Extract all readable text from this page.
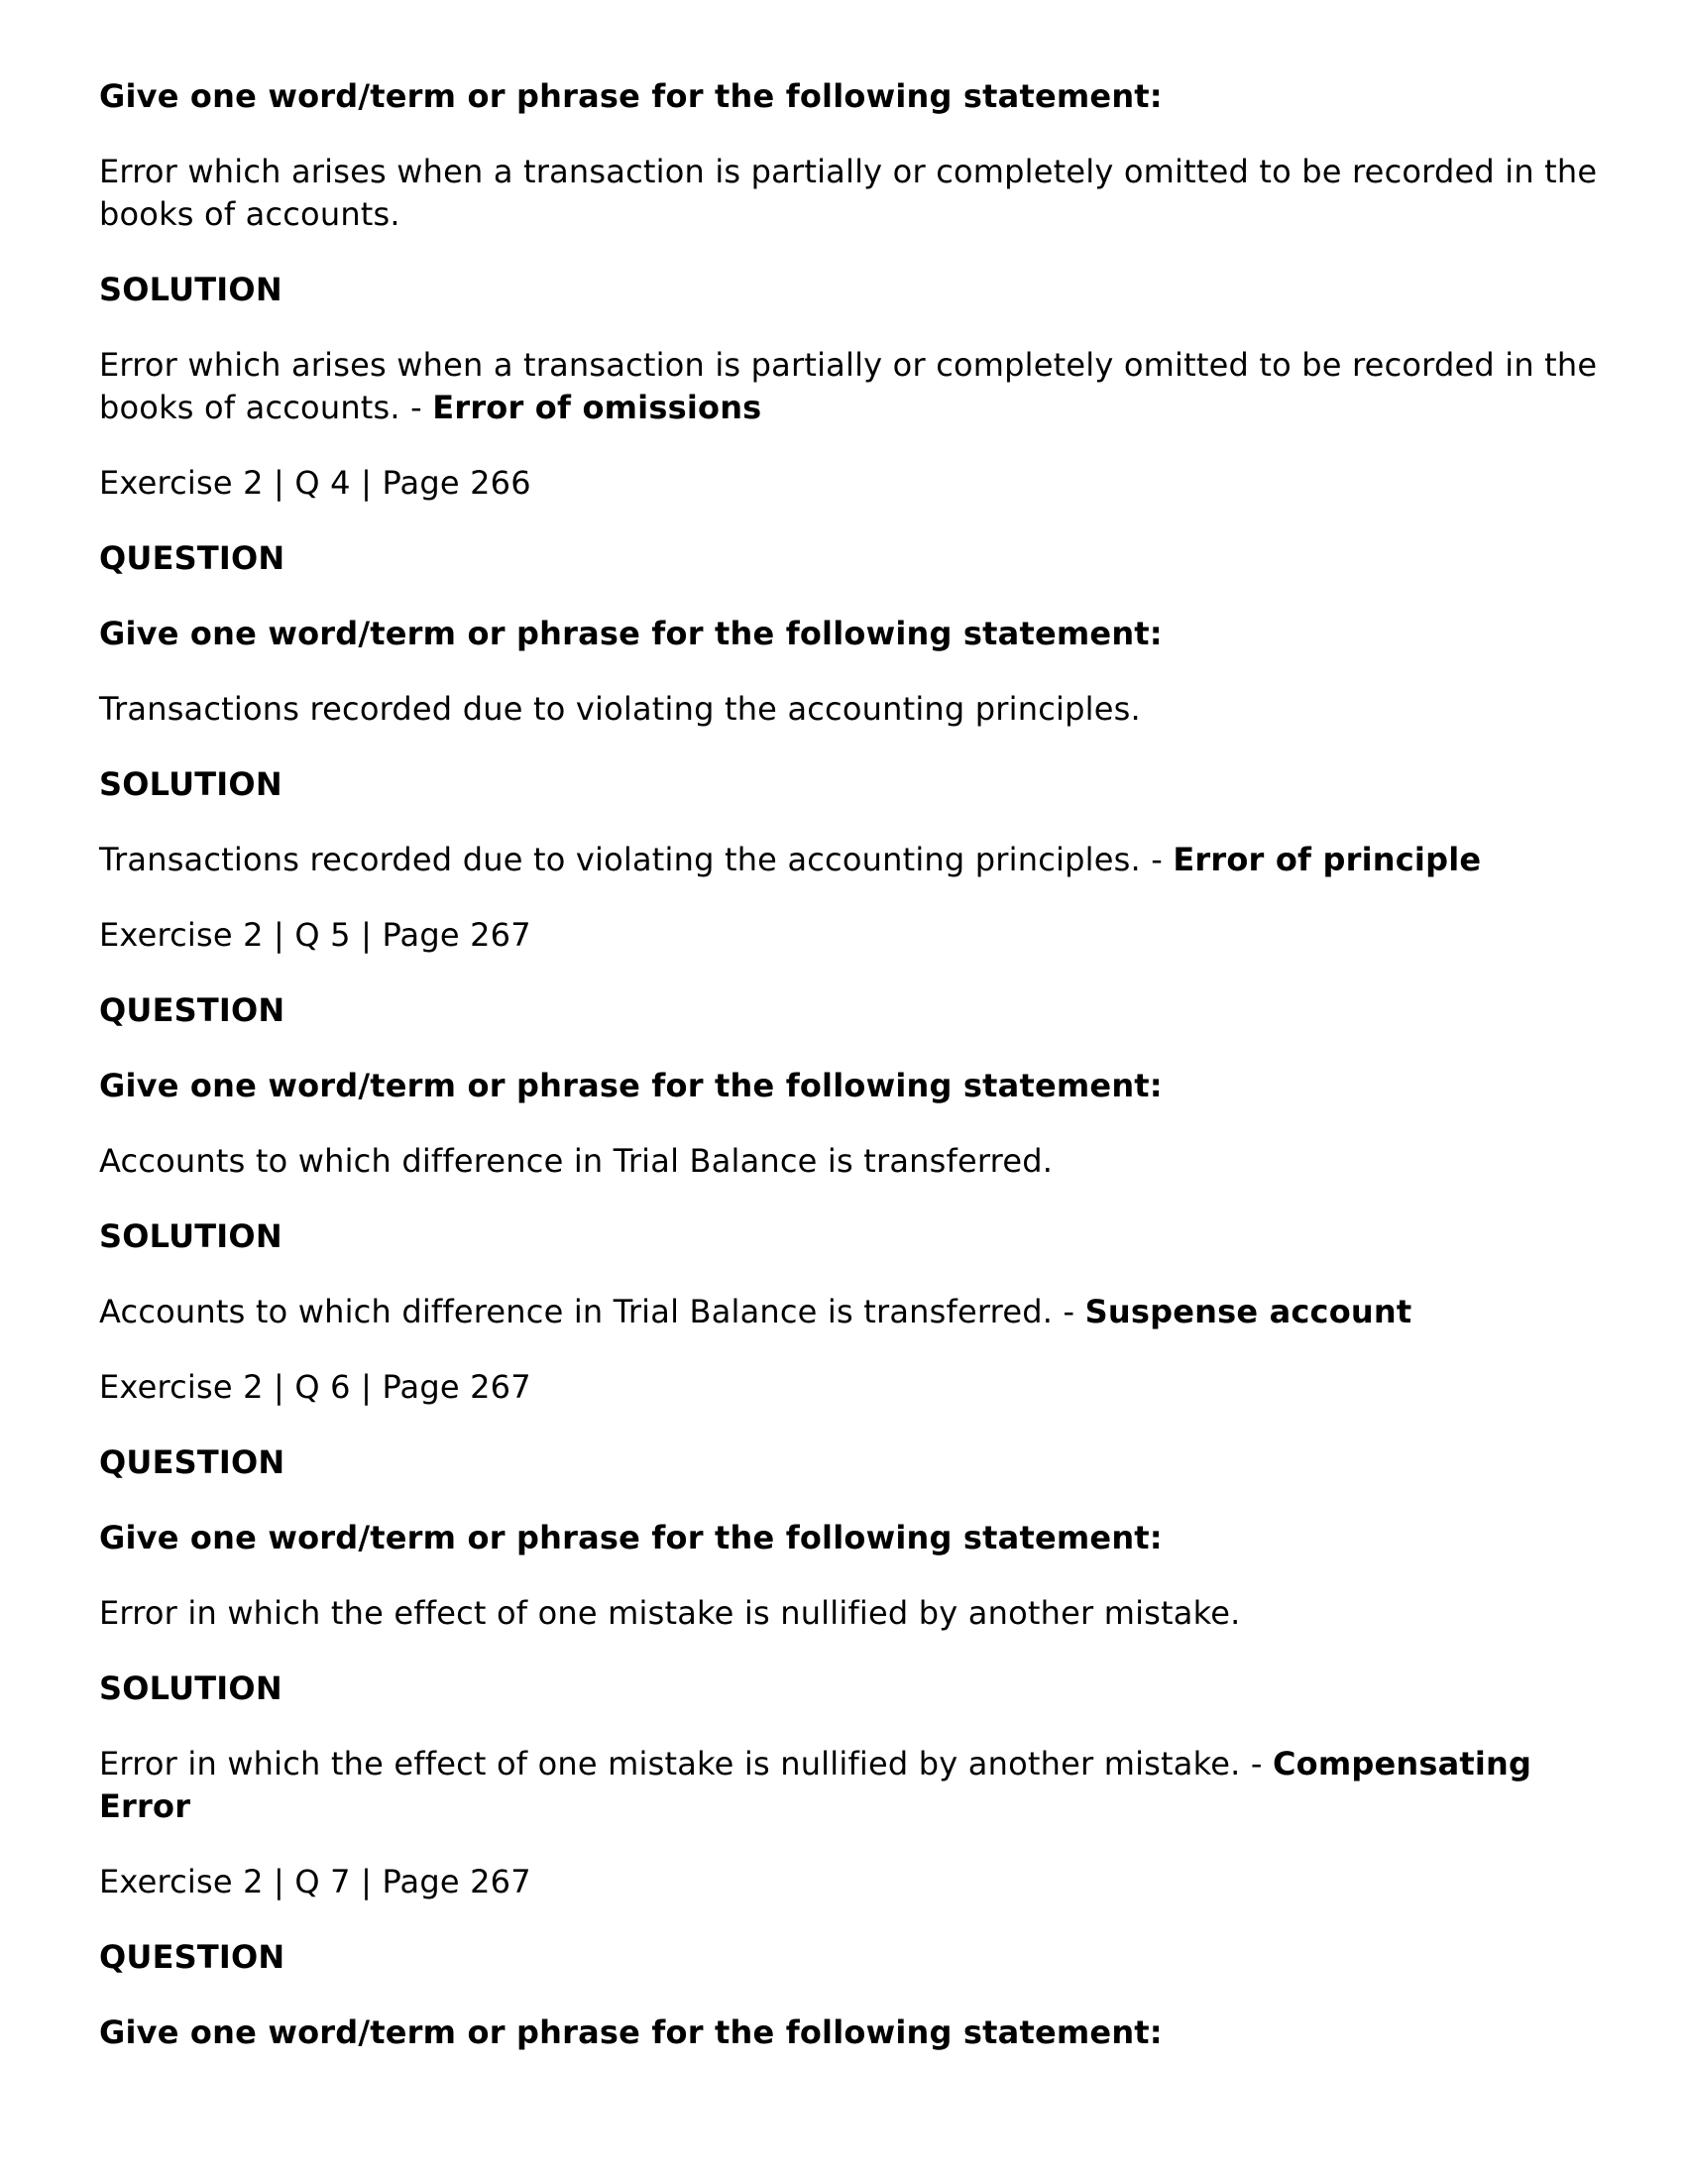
Give one word/term or phrase for the following statement:

Error which arises when a transaction is partially or completely omitted to be recorded in the books of accounts.

SOLUTION

Error which arises when a transaction is partially or completely omitted to be recorded in the books of accounts. - Error of omissions

Exercise 2 | Q 4 | Page 266

QUESTION

Give one word/term or phrase for the following statement:

Transactions recorded due to violating the accounting principles.

SOLUTION

Transactions recorded due to violating the accounting principles. - Error of principle

Exercise 2 | Q 5 | Page 267

QUESTION

Give one word/term or phrase for the following statement:

Accounts to which difference in Trial Balance is transferred.

SOLUTION

Accounts to which difference in Trial Balance is transferred. - Suspense account

Exercise 2 | Q 6 | Page 267

QUESTION

Give one word/term or phrase for the following statement:

Error in which the effect of one mistake is nullified by another mistake.

SOLUTION

Error in which the effect of one mistake is nullified by another mistake. - Compensating Error

Exercise 2 | Q 7 | Page 267

QUESTION

Give one word/term or phrase for the following statement:
